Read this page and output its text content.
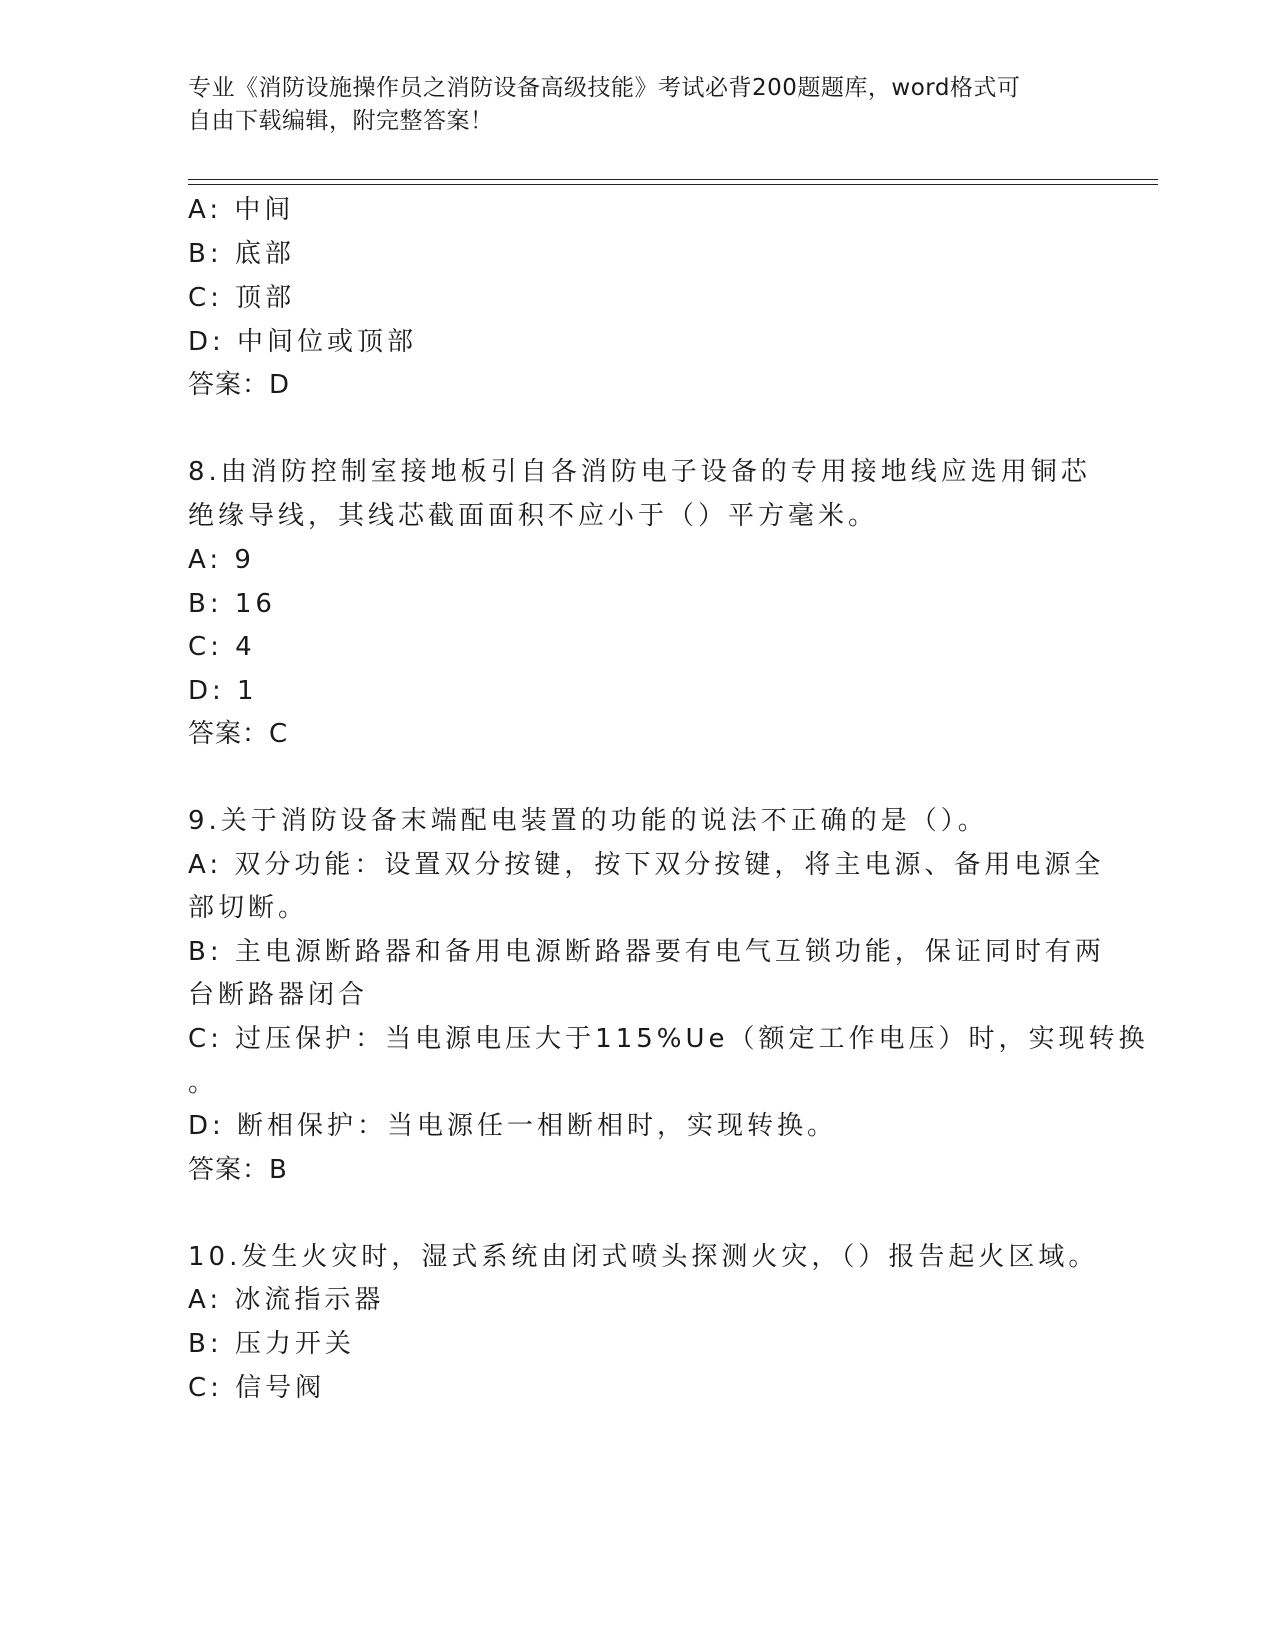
专业《消防设施操作员之消防设备高级技能》考试必背200题题库，word格式可
自由下载编辑，附完整答案！
A: 中间
B: 底部
C: 顶部
D: 中间位或顶部
答案：D
8.由消防控制室接地板引自各消防电子设备的专用接地线应选用铜芯
绝缘导线，其线芯截面面积不应小于（）平方毫米。
A: 9
B: 16
C: 4
D: 1
答案：C
9.关于消防设备末端配电装置的功能的说法不正确的是（）。
A: 双分功能：设置双分按键，按下双分按键，将主电源、备用电源全
部切断。
B: 主电源断路器和备用电源断路器要有电气互锁功能，保证同时有两
台断路器闭合
C: 过压保护：当电源电压大于115%Ue（额定工作电压）时，实现转换
。
D: 断相保护：当电源任一相断相时，实现转换。
答案：B
10.发生火灾时，湿式系统由闭式喷头探测火灾，（）报告起火区域。
A: 冰流指示器
B: 压力开关
C: 信号阀
